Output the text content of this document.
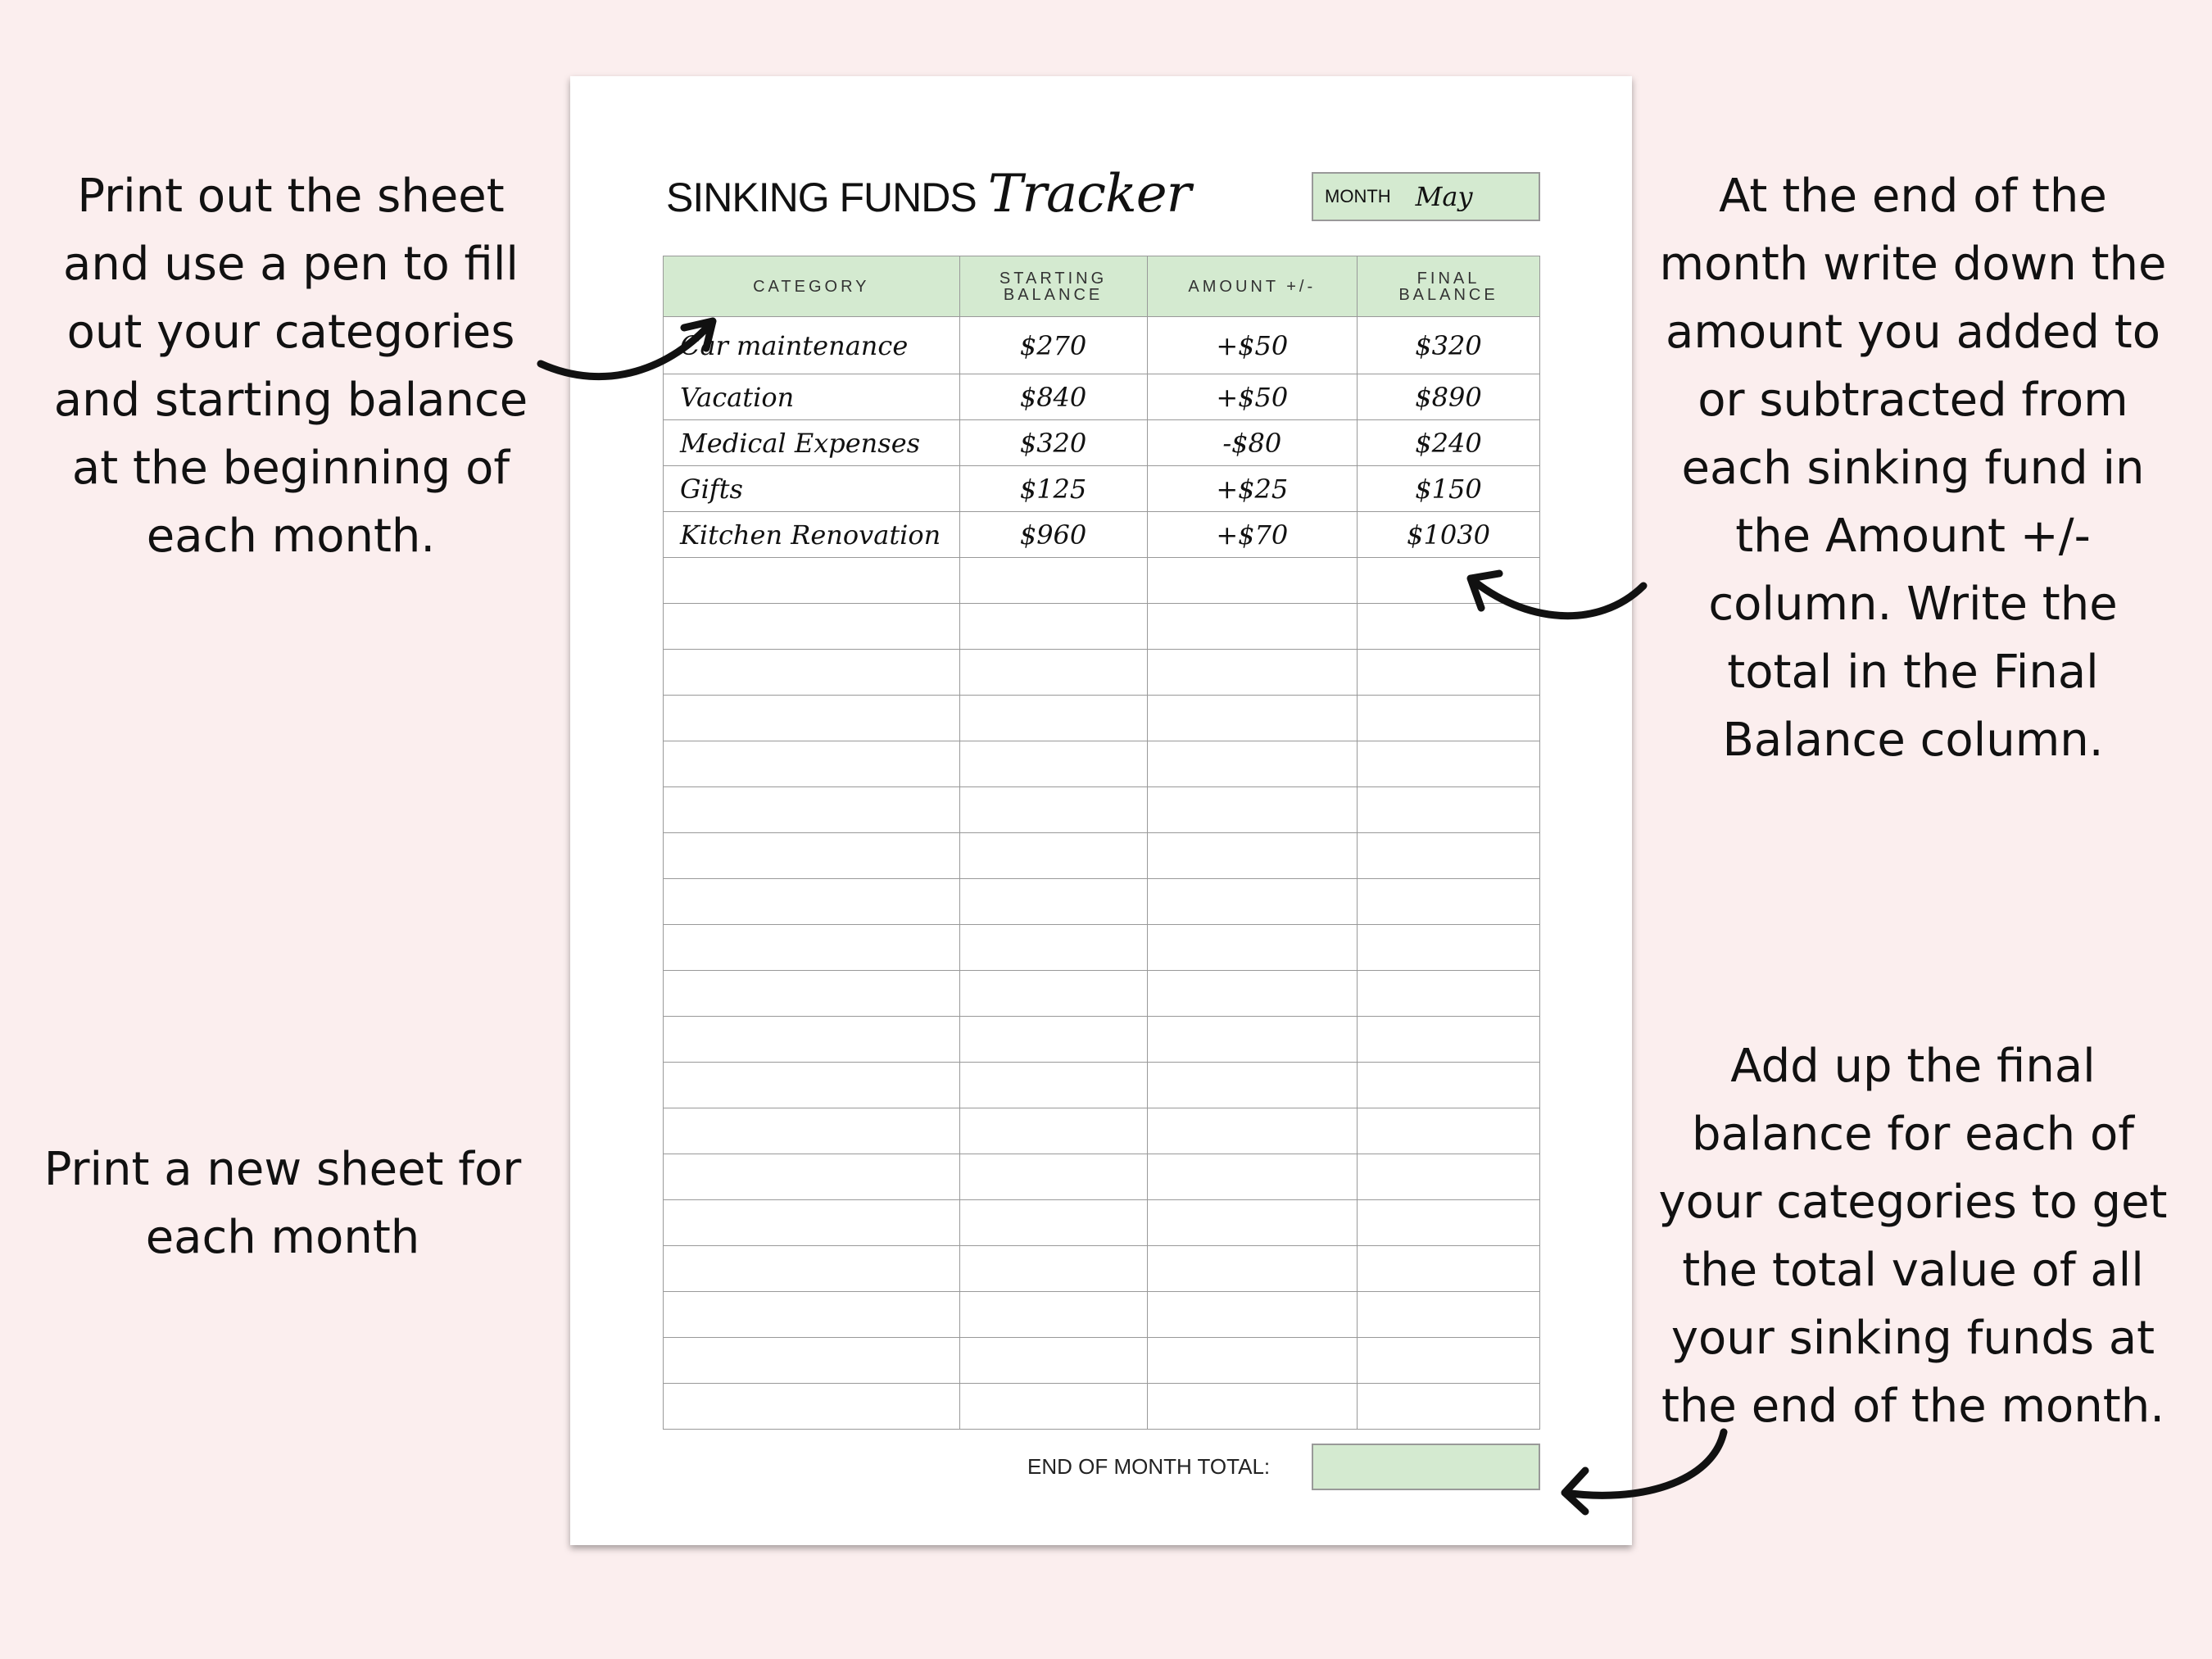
Print out the sheet
and use a pen to fill
out your categories
and starting balance
at the beginning of
each month.
Print a new sheet for
each month
At the end of the
month write down the
amount you added to
or subtracted from
each sinking fund in
the Amount +/-
column. Write the
total in the Final
Balance column.
Add up the final
balance for each of
your categories to get
the total value of all
your sinking funds at
the end of the month.
SINKING FUNDS Tracker	MONTH May
CATEGORY	STARTING BALANCE	AMOUNT +/-	FINAL BALANCE
Car maintenance	$270	+$50	$320
Vacation	$840	+$50	$890
Medical Expenses	$320	-$80	$240
Gifts	$125	+$25	$150
Kitchen Renovation	$960	+$70	$1030

END OF MONTH TOTAL:
